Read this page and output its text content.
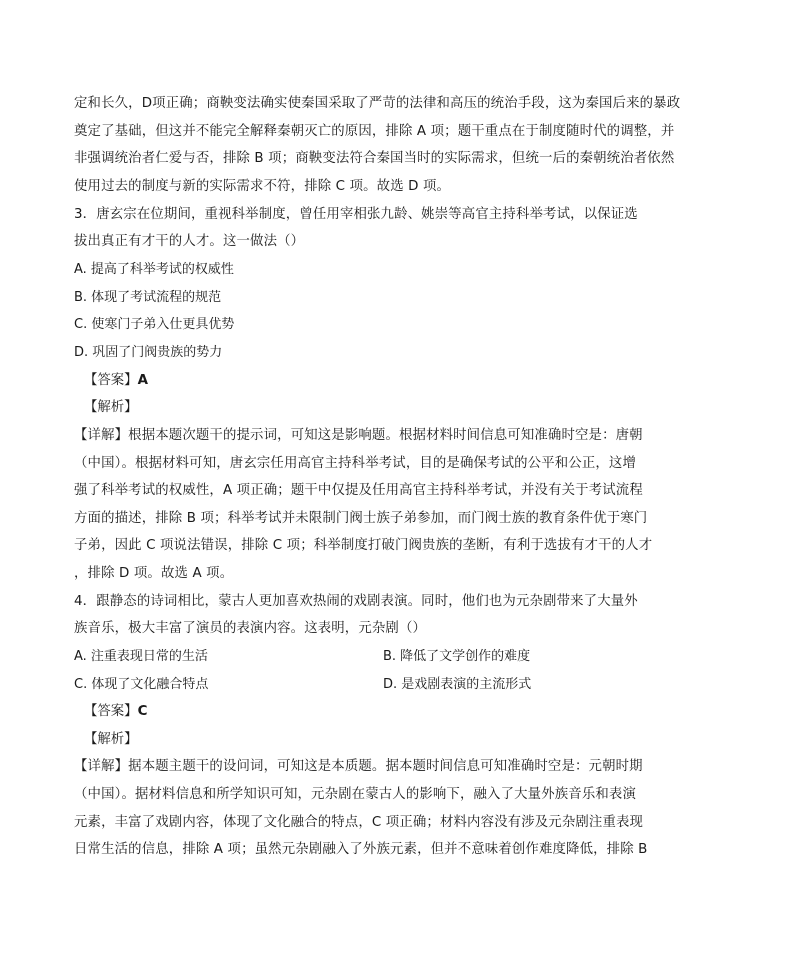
定和长久，D项正确；商鞅变法确实使秦国采取了严苛的法律和高压的统治手段，这为秦国后来的暴政
奠定了基础，但这并不能完全解释秦朝灭亡的原因，排除 A 项；题干重点在于制度随时代的调整，并
非强调统治者仁爱与否，排除 B 项；商鞅变法符合秦国当时的实际需求，但统一后的秦朝统治者依然
使用过去的制度与新的实际需求不符，排除 C 项。故选 D 项。
3．唐玄宗在位期间，重视科举制度，曾任用宰相张九龄、姚崇等高官主持科举考试，以保证选
拔出真正有才干的人才。这一做法（）
A. 提高了科举考试的权威性
B. 体现了考试流程的规范
C. 使寒门子弟入仕更具优势
D. 巩固了门阀贵族的势力
【答案】A
【解析】
【详解】根据本题次题干的提示词，可知这是影响题。根据材料时间信息可知准确时空是：唐朝
（中国）。根据材料可知，唐玄宗任用高官主持科举考试，目的是确保考试的公平和公正，这增
强了科举考试的权威性，A 项正确；题干中仅提及任用高官主持科举考试，并没有关于考试流程
方面的描述，排除 B 项；科举考试并未限制门阀士族子弟参加，而门阀士族的教育条件优于寒门
子弟，因此 C 项说法错误，排除 C 项；科举制度打破门阀贵族的垄断，有利于选拔有才干的人才
，排除 D 项。故选 A 项。
4．跟静态的诗词相比，蒙古人更加喜欢热闹的戏剧表演。同时，他们也为元杂剧带来了大量外
族音乐，极大丰富了演员的表演内容。这表明，元杂剧（）
A. 注重表现日常的生活	B. 降低了文学创作的难度
C. 体现了文化融合特点	D. 是戏剧表演的主流形式
【答案】C
【解析】
【详解】据本题主题干的设问词，可知这是本质题。据本题时间信息可知准确时空是：元朝时期
（中国）。据材料信息和所学知识可知，元杂剧在蒙古人的影响下，融入了大量外族音乐和表演
元素，丰富了戏剧内容，体现了文化融合的特点，C 项正确；材料内容没有涉及元杂剧注重表现
日常生活的信息，排除 A 项；虽然元杂剧融入了外族元素，但并不意味着创作难度降低，排除 B
